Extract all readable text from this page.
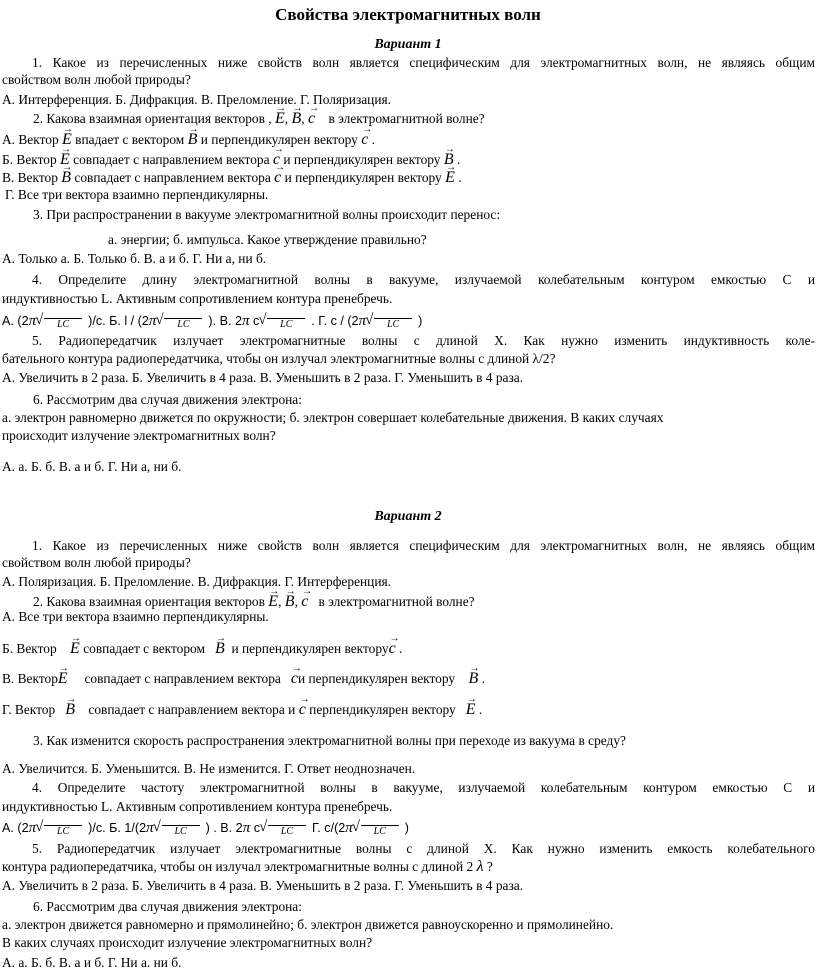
Свойства электромагнитных волн
Вариант 1
1. Какое из перечисленных ниже свойств волн является специфическим для электромагнитных волн, не являясь общим
свойством волн любой природы?
А. Интерференция. Б. Дифракция. В. Преломление. Г. Поляризация.
2. Какова взаимная ориентация векторов , → E, → B, → c в электромагнитной волне?
А. Вектор → E впадает с вектором → B и перпендикулярен вектору → c .
Б. Вектор → E совпадает с направлением вектора → c и перпендикулярен вектору → B .
В. Вектор → B совпадает с направлением вектора → c и перпендикулярен вектору → E .
Г. Все три вектора взаимно перпендикулярны.
3. При распространении в вакууме электромагнитной волны происходит перенос:
а. энергии; б. импульса. Какое утверждение правильно?
А. Только а. Б. Только б. В. а и б. Г. Ни а, ни б.
4. Определите длину электромагнитной волны в вакууме, излучаемой колебательным контуром емкостью С и
индуктивностью L. Активным сопротивлением контура пренебречь.
А. (2π √ LC )/с. Б. l / (2π √ LC ). В. 2π с √ LC . Г. с / (2π √ LC )
5. Радиопередатчик излучает электромагнитные волны с длиной Х. Как нужно изменить индуктивность коле-
бательного контура радиопередатчика, чтобы он излучал электромагнитные волны с длиной λ/2?
А. Увеличить в 2 раза. Б. Увеличить в 4 раза. В. Уменьшить в 2 раза. Г. Уменьшить в 4 раза.
6. Рассмотрим два случая движения электрона:
а. электрон равномерно движется по окружности; б. электрон совершает колебательные движения. В каких случаях
происходит излучение электромагнитных волн?
А. а. Б. б. В. а и б. Г. Ни а, ни б.
Вариант 2
1. Какое из перечисленных ниже свойств волн является специфическим для электромагнитных волн, не являясь общим
свойством волн любой природы?
А. Поляризация. Б. Преломление. В. Дифракция. Г. Интерференция.
2. Какова взаимная ориентация векторов → E, → B, → c в электромагнитной волне?
А. Все три вектора взаимно перпендикулярны.
Б. Вектор → E совпадает с вектором → B и перпендикулярен вектору→ c .
В. Вектор→ E совпадает с направлением вектора → cи перпендикулярен вектору → B .
Г. Вектор → B совпадает с направлением вектора и → c перпендикулярен вектору → E .
3. Как изменится скорость распространения электромагнитной волны при переходе из вакуума в среду?
А. Увеличится. Б. Уменьшится. В. Не изменится. Г. Ответ неоднозначен.
4. Определите частоту электромагнитной волны в вакууме, излучаемой колебательным контуром емкостью С и
индуктивностью L. Активным сопротивлением контура пренебречь.
А. (2π √ LC )/с. Б. 1/(2π √ LC ) . В. 2π с √ LC Г. с/(2π √ LC )
5. Радиопередатчик излучает электромагнитные волны с длиной Х. Как нужно изменить емкость колебательного
контура радиопередатчика, чтобы он излучал электромагнитные волны с длиной 2 λ ?
А. Увеличить в 2 раза. Б. Увеличить в 4 раза. В. Уменьшить в 2 раза. Г. Уменьшить в 4 раза.
6. Рассмотрим два случая движения электрона:
а. электрон движется равномерно и прямолинейно; б. электрон движется равноускоренно и прямолинейно.
В каких случаях происходит излучение электромагнитных волн?
А. а. Б. б. В. а и б. Г. Ни а. ни б.
